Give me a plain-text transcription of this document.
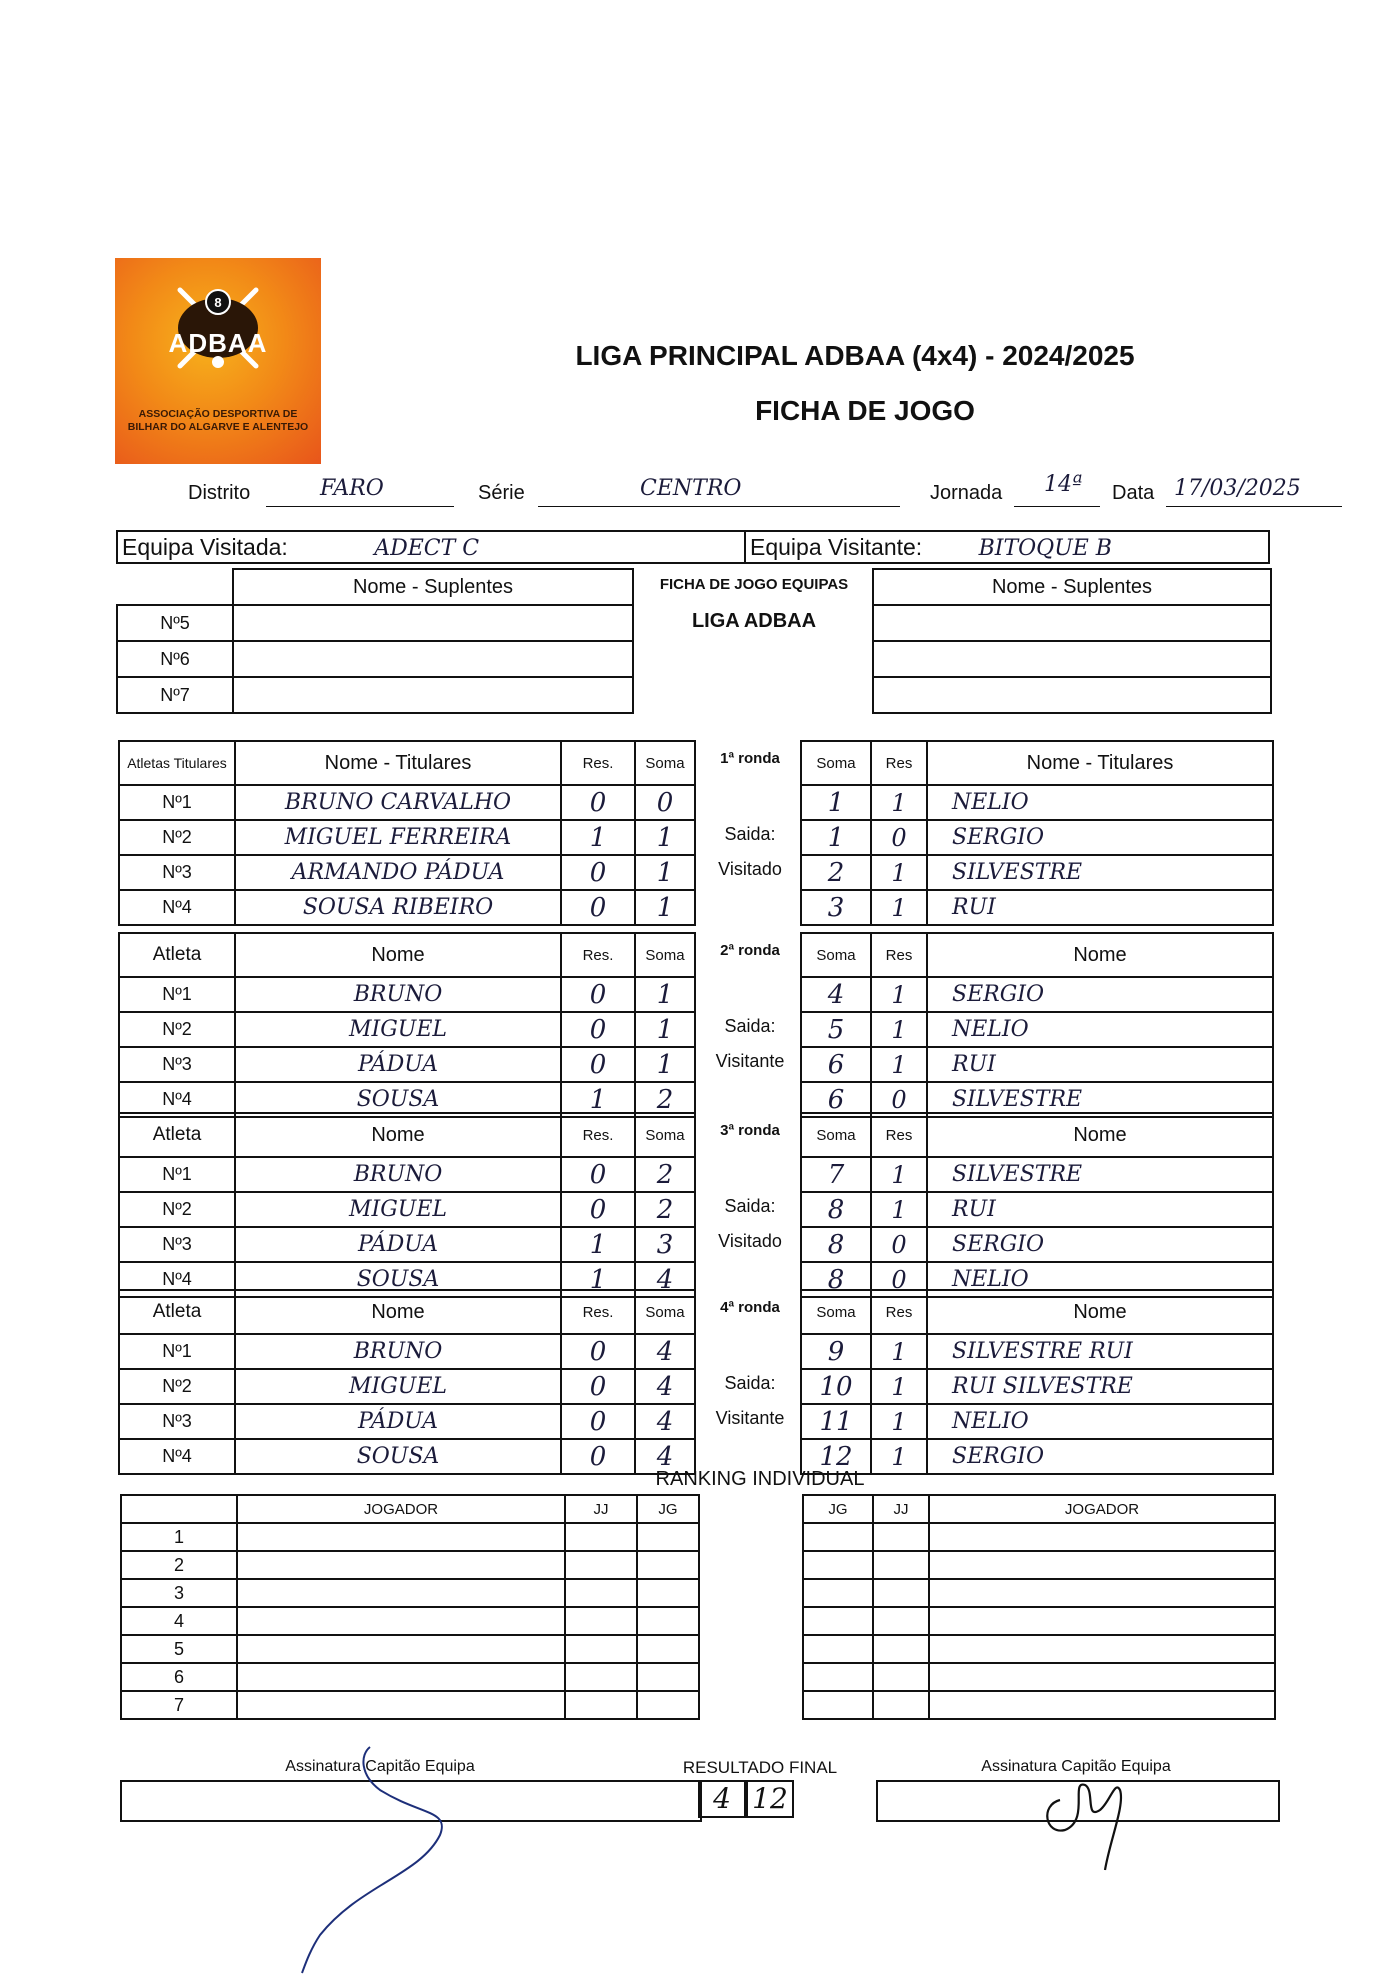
8
ADBAA
ASSOCIAÇÃO DESPORTIVA DE BILHAR DO ALGARVE E ALENTEJO
LIGA PRINCIPAL ADBAA (4x4) - 2024/2025
FICHA DE JOGO
Distrito	FARO	Série	CENTRO	Jornada 14ª Data 17/03/2025
Equipa Visitada:	ADECT C	Equipa Visitante:	BITOQUE B
	Nome - Suplentes
Nº5	
Nº6	
Nº7	
FICHA DE JOGO EQUIPAS
LIGA ADBAA
Nome - Suplentes

Atletas Titulares	Nome - Titulares	Res.	Soma
Nº1	BRUNO CARVALHO	0	0
Nº2	MIGUEL FERREIRA	1	1
Nº3	ARMANDO PÁDUA	0	1
Nº4	SOUSA RIBEIRO	0	1
1ª ronda
Saida:
Visitado
Soma	Res	Nome - Titulares
1	1	NELIO
1	0	SERGIO
2	1	SILVESTRE
3	1	RUI
Atleta	Nome	Res.	Soma
Nº1	BRUNO	0	1
Nº2	MIGUEL	0	1
Nº3	PÁDUA	0	1
Nº4	SOUSA	1	2
2ª ronda
Saida:
Visitante
Soma	Res	Nome
4	1	SERGIO
5	1	NELIO
6	1	RUI
6	0	SILVESTRE
Atleta	Nome	Res.	Soma
Nº1	BRUNO	0	2
Nº2	MIGUEL	0	2
Nº3	PÁDUA	1	3
Nº4	SOUSA	1	4
3ª ronda
Saida:
Visitado
Soma	Res	Nome
7	1	SILVESTRE
8	1	RUI
8	0	SERGIO
8	0	NELIO
Atleta	Nome	Res.	Soma
Nº1	BRUNO	0	4
Nº2	MIGUEL	0	4
Nº3	PÁDUA	0	4
Nº4	SOUSA	0	4
4ª ronda
Saida:
Visitante
Soma	Res	Nome
9	1	SILVESTRE RUI
10	1	RUI SILVESTRE
11	1	NELIO
12	1	SERGIO
RANKING INDIVIDUAL
	JOGADOR	JJ	JG
1			
2			
3			
4			
5			
6			
7			
JG	JJ	JOGADOR

Assinatura Capitão Equipa	RESULTADO FINAL
4 12
Assinatura Capitão Equipa
